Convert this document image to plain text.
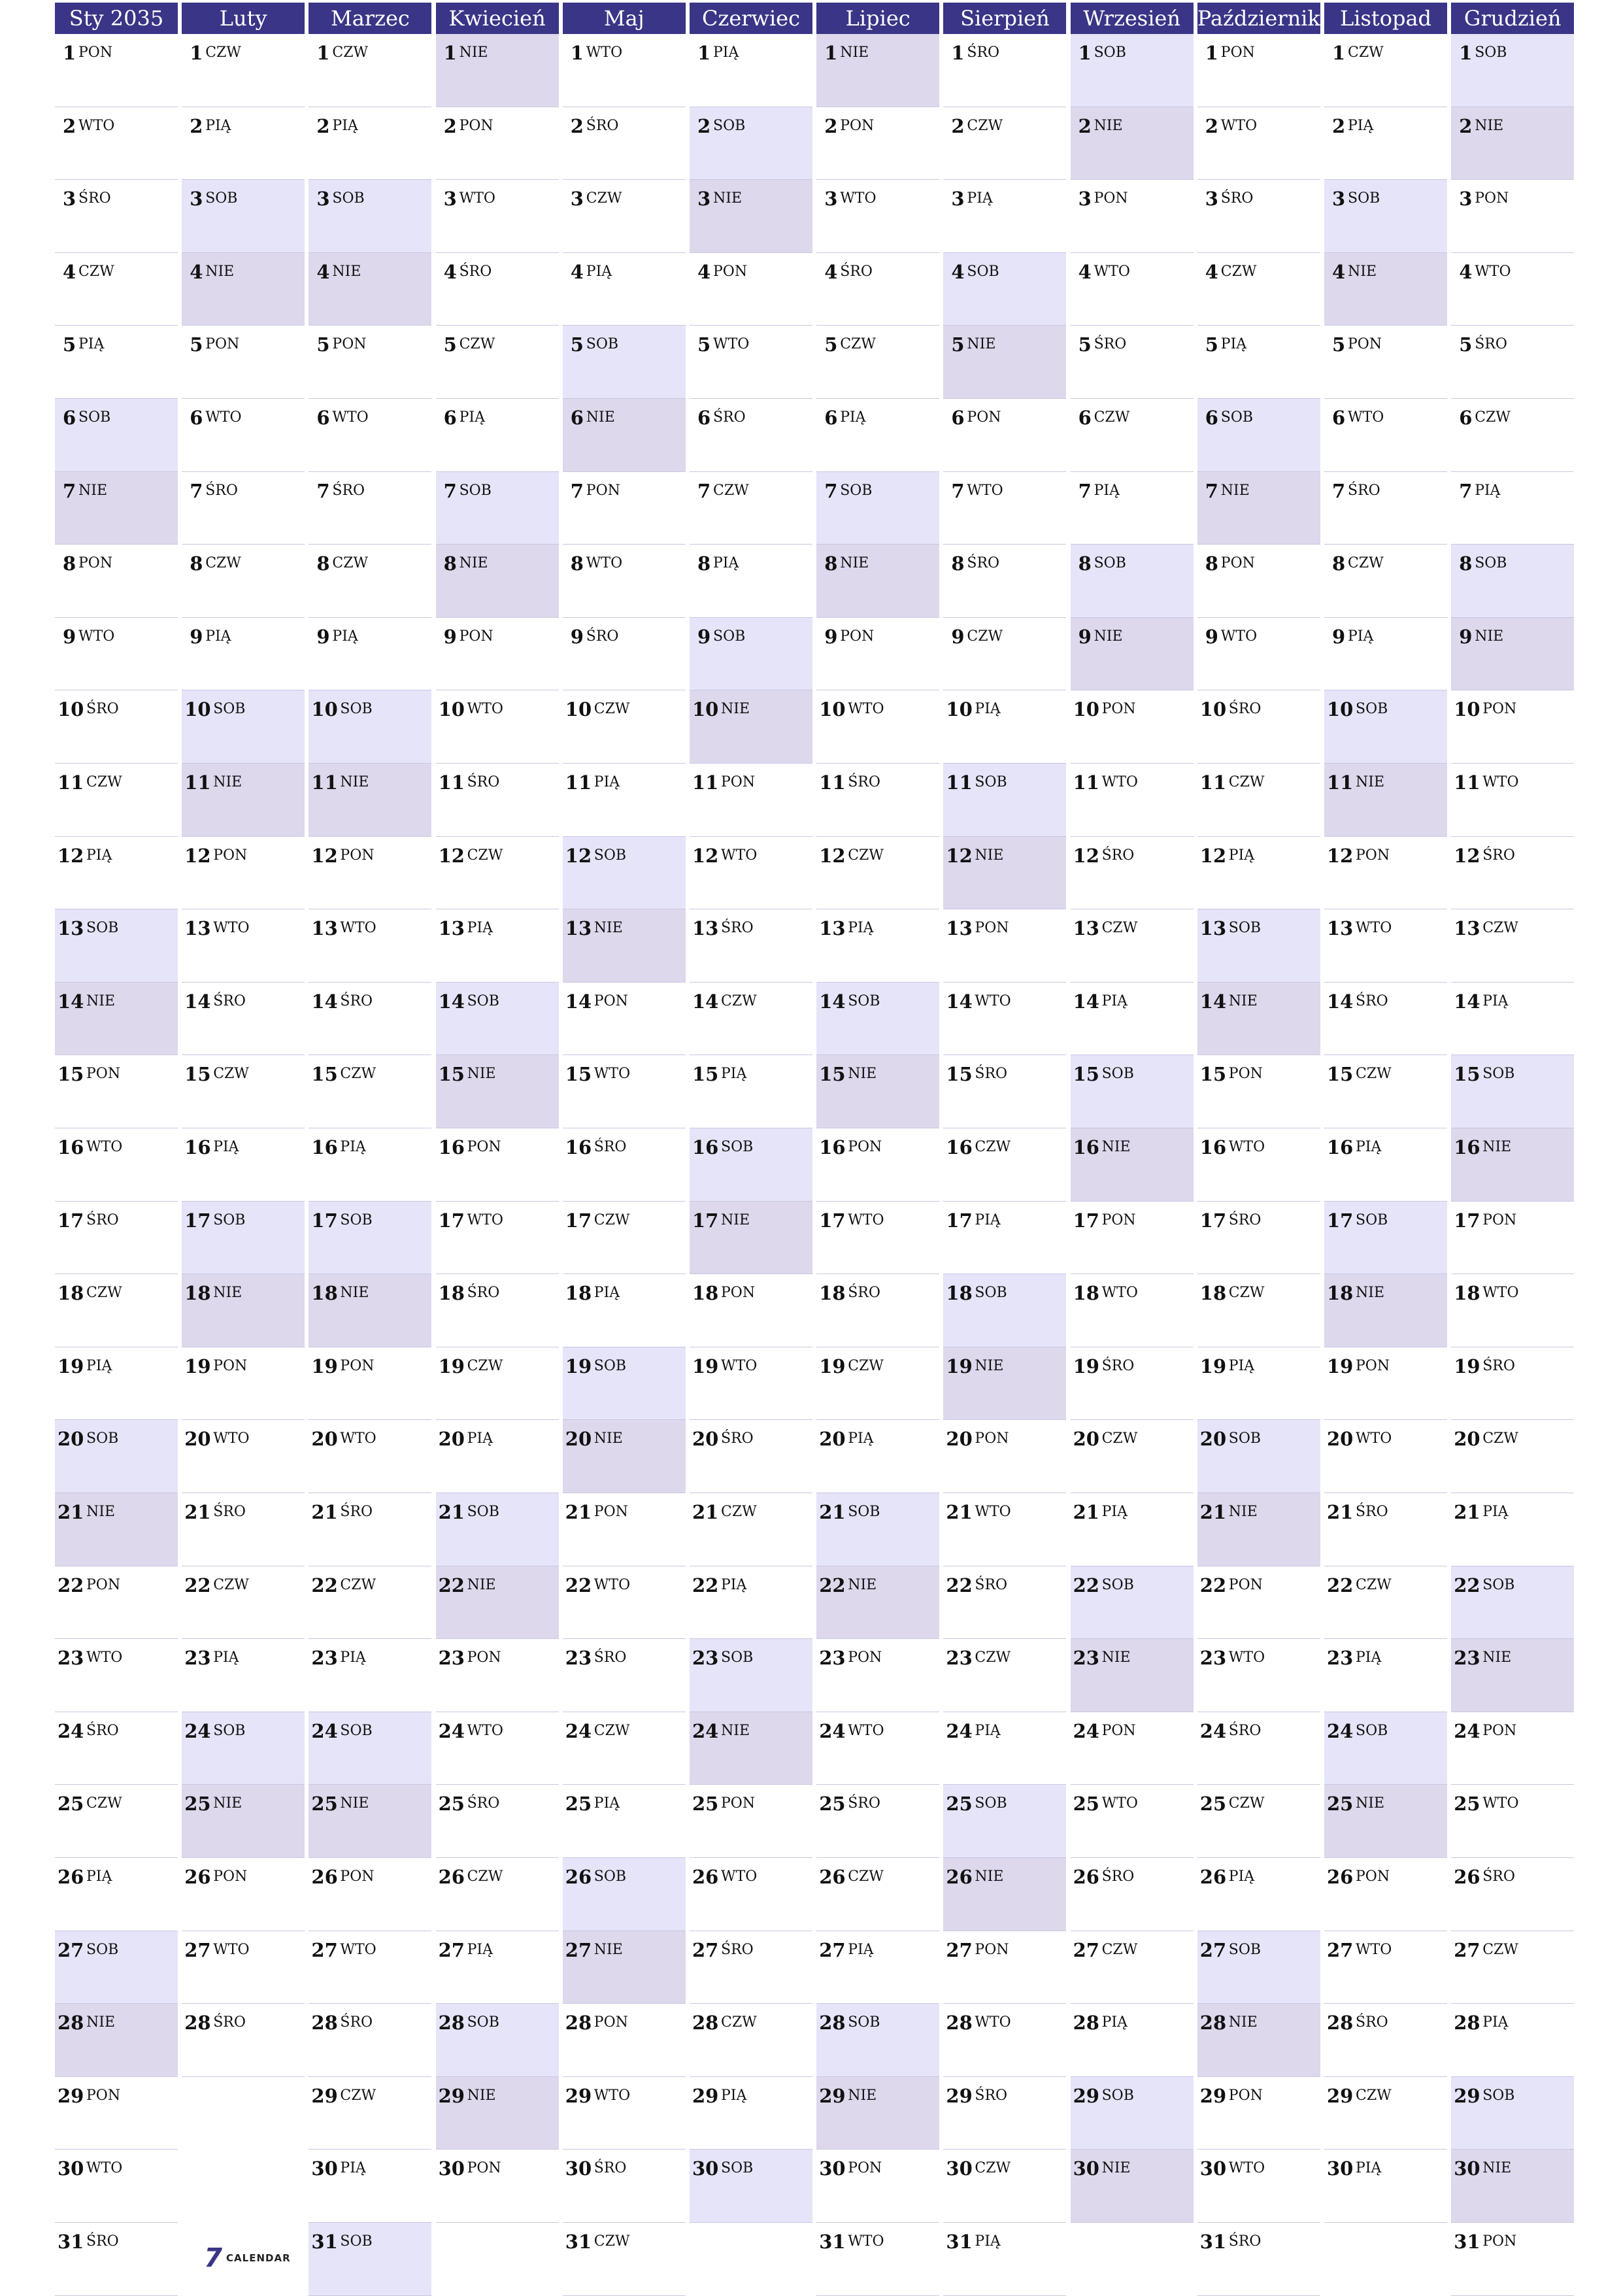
Sty 2035
1 PON
2 WTO
3 ŚRO
4 CZW
5 PIĄ
6 SOB
7 NIE
8 PON
9 WTO
10 ŚRO
11 CZW
12 PIĄ
13 SOB
14 NIE
15 PON
16 WTO
17 ŚRO
18 CZW
19 PIĄ
20 SOB
21 NIE
22 PON
23 WTO
24 ŚRO
25 CZW
26 PIĄ
27 SOB
28 NIE
29 PON
30 WTO
31 ŚRO
Luty
1 CZW
2 PIĄ
3 SOB
4 NIE
5 PON
6 WTO
7 ŚRO
8 CZW
9 PIĄ
10 SOB
11 NIE
12 PON
13 WTO
14 ŚRO
15 CZW
16 PIĄ
17 SOB
18 NIE
19 PON
20 WTO
21 ŚRO
22 CZW
23 PIĄ
24 SOB
25 NIE
26 PON
27 WTO
28 ŚRO
Marzec
1 CZW
2 PIĄ
3 SOB
4 NIE
5 PON
6 WTO
7 ŚRO
8 CZW
9 PIĄ
10 SOB
11 NIE
12 PON
13 WTO
14 ŚRO
15 CZW
16 PIĄ
17 SOB
18 NIE
19 PON
20 WTO
21 ŚRO
22 CZW
23 PIĄ
24 SOB
25 NIE
26 PON
27 WTO
28 ŚRO
29 CZW
30 PIĄ
31 SOB
Kwiecień
1 NIE
2 PON
3 WTO
4 ŚRO
5 CZW
6 PIĄ
7 SOB
8 NIE
9 PON
10 WTO
11 ŚRO
12 CZW
13 PIĄ
14 SOB
15 NIE
16 PON
17 WTO
18 ŚRO
19 CZW
20 PIĄ
21 SOB
22 NIE
23 PON
24 WTO
25 ŚRO
26 CZW
27 PIĄ
28 SOB
29 NIE
30 PON
Maj
1 WTO
2 ŚRO
3 CZW
4 PIĄ
5 SOB
6 NIE
7 PON
8 WTO
9 ŚRO
10 CZW
11 PIĄ
12 SOB
13 NIE
14 PON
15 WTO
16 ŚRO
17 CZW
18 PIĄ
19 SOB
20 NIE
21 PON
22 WTO
23 ŚRO
24 CZW
25 PIĄ
26 SOB
27 NIE
28 PON
29 WTO
30 ŚRO
31 CZW
Czerwiec
1 PIĄ
2 SOB
3 NIE
4 PON
5 WTO
6 ŚRO
7 CZW
8 PIĄ
9 SOB
10 NIE
11 PON
12 WTO
13 ŚRO
14 CZW
15 PIĄ
16 SOB
17 NIE
18 PON
19 WTO
20 ŚRO
21 CZW
22 PIĄ
23 SOB
24 NIE
25 PON
26 WTO
27 ŚRO
28 CZW
29 PIĄ
30 SOB
Lipiec
1 NIE
2 PON
3 WTO
4 ŚRO
5 CZW
6 PIĄ
7 SOB
8 NIE
9 PON
10 WTO
11 ŚRO
12 CZW
13 PIĄ
14 SOB
15 NIE
16 PON
17 WTO
18 ŚRO
19 CZW
20 PIĄ
21 SOB
22 NIE
23 PON
24 WTO
25 ŚRO
26 CZW
27 PIĄ
28 SOB
29 NIE
30 PON
31 WTO
Sierpień
1 ŚRO
2 CZW
3 PIĄ
4 SOB
5 NIE
6 PON
7 WTO
8 ŚRO
9 CZW
10 PIĄ
11 SOB
12 NIE
13 PON
14 WTO
15 ŚRO
16 CZW
17 PIĄ
18 SOB
19 NIE
20 PON
21 WTO
22 ŚRO
23 CZW
24 PIĄ
25 SOB
26 NIE
27 PON
28 WTO
29 ŚRO
30 CZW
31 PIĄ
Wrzesień
1 SOB
2 NIE
3 PON
4 WTO
5 ŚRO
6 CZW
7 PIĄ
8 SOB
9 NIE
10 PON
11 WTO
12 ŚRO
13 CZW
14 PIĄ
15 SOB
16 NIE
17 PON
18 WTO
19 ŚRO
20 CZW
21 PIĄ
22 SOB
23 NIE
24 PON
25 WTO
26 ŚRO
27 CZW
28 PIĄ
29 SOB
30 NIE
Październik
1 PON
2 WTO
3 ŚRO
4 CZW
5 PIĄ
6 SOB
7 NIE
8 PON
9 WTO
10 ŚRO
11 CZW
12 PIĄ
13 SOB
14 NIE
15 PON
16 WTO
17 ŚRO
18 CZW
19 PIĄ
20 SOB
21 NIE
22 PON
23 WTO
24 ŚRO
25 CZW
26 PIĄ
27 SOB
28 NIE
29 PON
30 WTO
31 ŚRO
Listopad
1 CZW
2 PIĄ
3 SOB
4 NIE
5 PON
6 WTO
7 ŚRO
8 CZW
9 PIĄ
10 SOB
11 NIE
12 PON
13 WTO
14 ŚRO
15 CZW
16 PIĄ
17 SOB
18 NIE
19 PON
20 WTO
21 ŚRO
22 CZW
23 PIĄ
24 SOB
25 NIE
26 PON
27 WTO
28 ŚRO
29 CZW
30 PIĄ
Grudzień
1 SOB
2 NIE
3 PON
4 WTO
5 ŚRO
6 CZW
7 PIĄ
8 SOB
9 NIE
10 PON
11 WTO
12 ŚRO
13 CZW
14 PIĄ
15 SOB
16 NIE
17 PON
18 WTO
19 ŚRO
20 CZW
21 PIĄ
22 SOB
23 NIE
24 PON
25 WTO
26 ŚRO
27 CZW
28 PIĄ
29 SOB
30 NIE
31 PON
7 CALENDAR
